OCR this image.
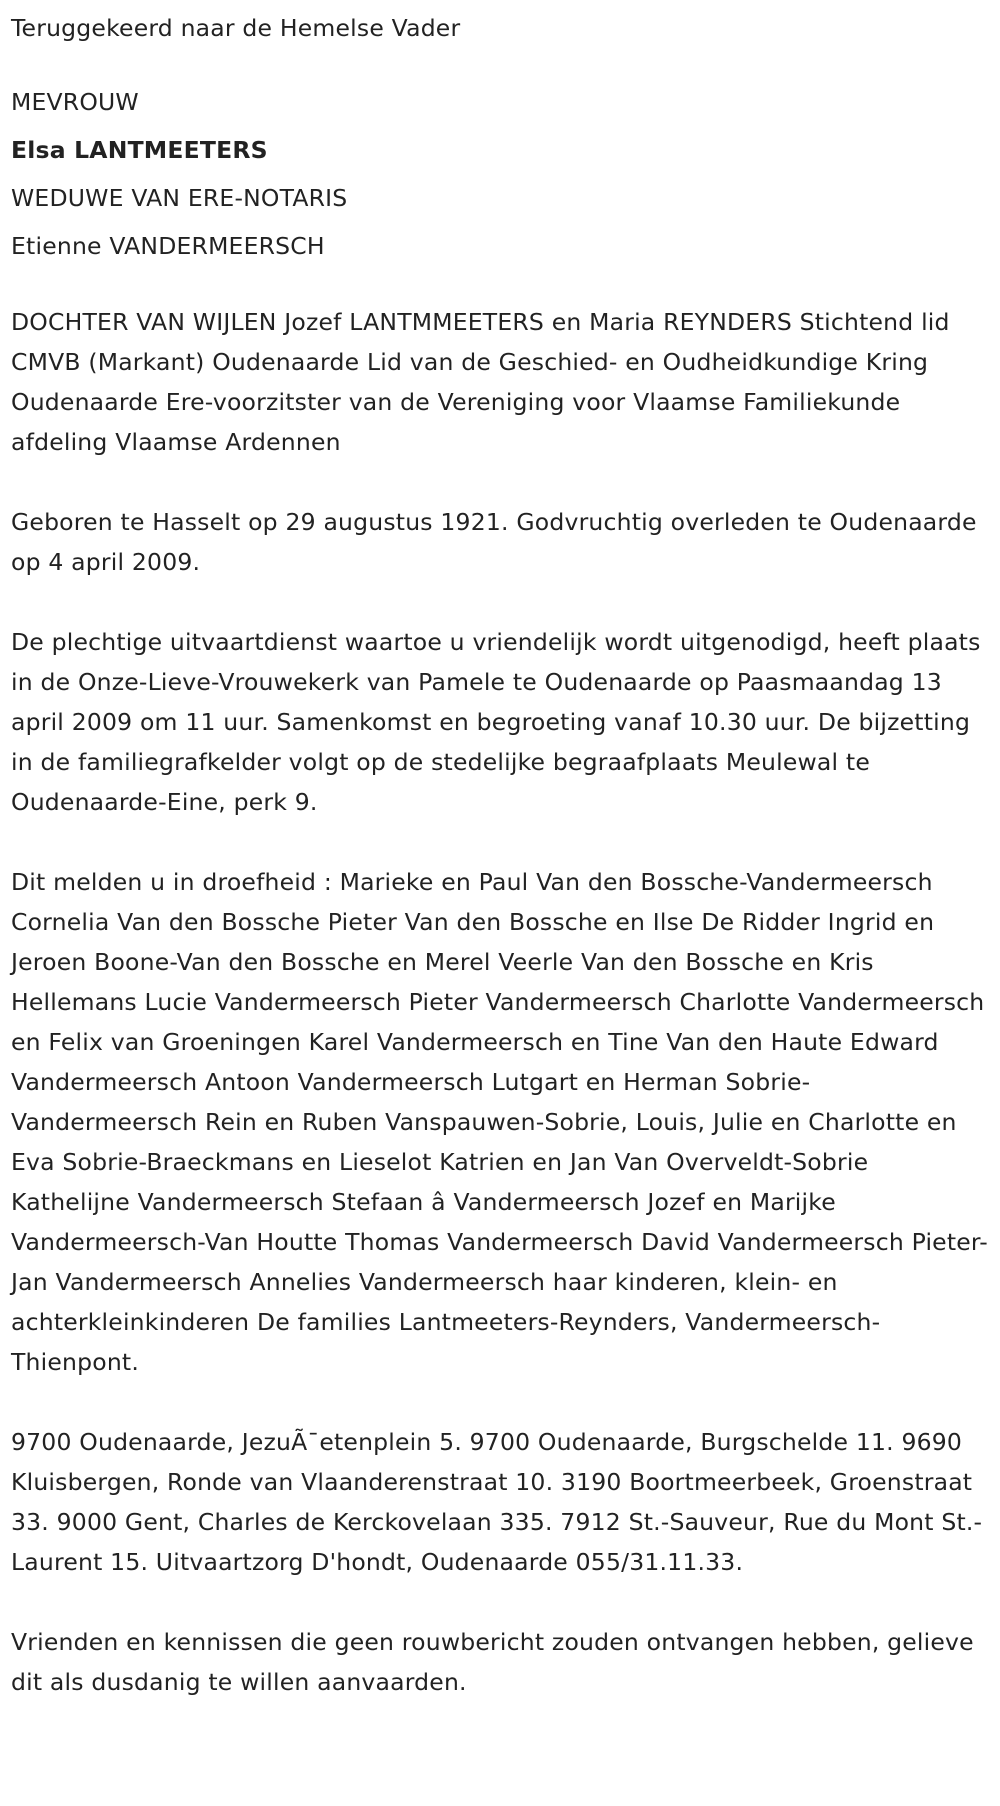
Teruggekeerd naar de Hemelse Vader

MEVROUW

Elsa LANTMEETERS

WEDUWE VAN ERE-NOTARIS

Etienne VANDERMEERSCH

DOCHTER VAN WIJLEN Jozef LANTMMEETERS en Maria REYNDERS Stichtend lid CMVB (Markant) Oudenaarde Lid van de Geschied- en Oudheidkundige Kring Oudenaarde Ere-voorzitster van de Vereniging voor Vlaamse Familiekunde afdeling Vlaamse Ardennen

Geboren te Hasselt op 29 augustus 1921. Godvruchtig overleden te Oudenaarde op 4 april 2009.

De plechtige uitvaartdienst waartoe u vriendelijk wordt uitgenodigd, heeft plaats in de Onze-Lieve-Vrouwekerk van Pamele te Oudenaarde op Paasmaandag 13 april 2009 om 11 uur. Samenkomst en begroeting vanaf 10.30 uur. De bijzetting in de familiegrafkelder volgt op de stedelijke begraafplaats Meulewal te Oudenaarde-Eine, perk 9.

Dit melden u in droefheid : Marieke en Paul Van den Bossche-Vandermeersch Cornelia Van den Bossche Pieter Van den Bossche en Ilse De Ridder Ingrid en Jeroen Boone-Van den Bossche en Merel Veerle Van den Bossche en Kris Hellemans Lucie Vandermeersch Pieter Vandermeersch Charlotte Vandermeersch en Felix van Groeningen Karel Vandermeersch en Tine Van den Haute Edward Vandermeersch Antoon Vandermeersch Lutgart en Herman Sobrie-Vandermeersch Rein en Ruben Vanspauwen-Sobrie, Louis, Julie en Charlotte en Eva Sobrie-Braeckmans en Lieselot Katrien en Jan Van Overveldt-Sobrie Kathelijne Vandermeersch Stefaan â Vandermeersch Jozef en Marijke Vandermeersch-Van Houtte Thomas Vandermeersch David Vandermeersch Pieter-Jan Vandermeersch Annelies Vandermeersch haar kinderen, klein- en achterkleinkinderen De families Lantmeeters-Reynders, Vandermeersch-Thienpont.

9700 Oudenaarde, JezuÃ¯etenplein 5. 9700 Oudenaarde, Burgschelde 11. 9690 Kluisbergen, Ronde van Vlaanderenstraat 10. 3190 Boortmeerbeek, Groenstraat 33. 9000 Gent, Charles de Kerckovelaan 335. 7912 St.-Sauveur, Rue du Mont St.-Laurent 15. Uitvaartzorg D'hondt, Oudenaarde 055/31.11.33.

Vrienden en kennissen die geen rouwbericht zouden ontvangen hebben, gelieve dit als dusdanig te willen aanvaarden.
